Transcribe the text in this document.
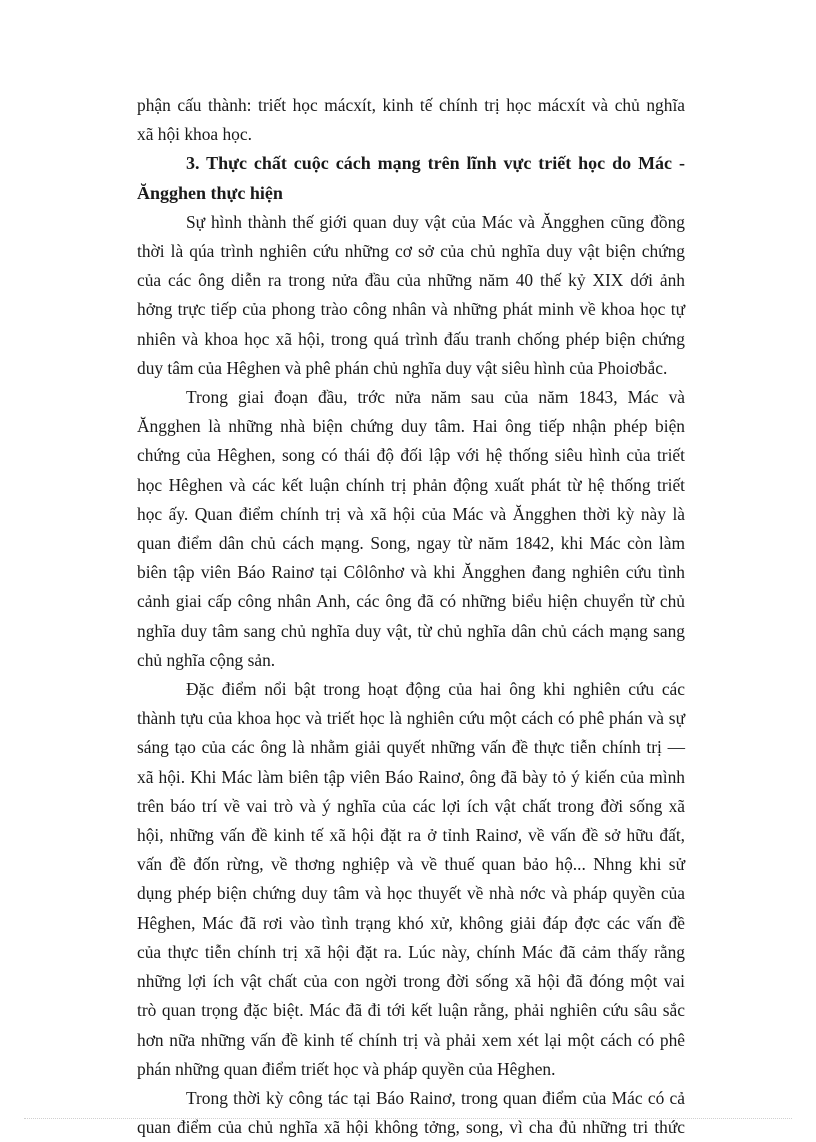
phận cấu thành: triết học mácxít, kinh tế chính trị học mácxít và chủ nghĩa

xã hội khoa học.

3. Thực chất cuộc cách mạng trên lĩnh vực triết học do Mác -

Ăngghen thực hiện

Sự hình thành thế giới quan duy vật của Mác và Ăngghen cũng đồng

thời là qúa trình nghiên cứu những cơ sở của chủ nghĩa duy vật biện chứng

của các ông diễn ra trong nửa đầu của những năm 40 thế kỷ XIX dới ảnh

hởng trực tiếp của phong trào công nhân và những phát minh về khoa học tự

nhiên và khoa học xã hội, trong quá trình đấu tranh chống phép biện chứng

duy tâm của Hêghen và phê phán chủ nghĩa duy vật siêu hình của Phoiơbắc.

Trong giai đoạn đầu, trớc nửa năm sau của năm 1843, Mác và

Ăngghen là những nhà biện chứng duy tâm. Hai ông tiếp nhận phép biện

chứng của Hêghen, song có thái độ đối lập với hệ thống siêu hình của triết

học Hêghen và các kết luận chính trị phản động xuất phát từ hệ thống triết

học ấy. Quan điểm chính trị và xã hội của Mác và Ăngghen thời kỳ này là

quan điểm dân chủ cách mạng. Song, ngay từ năm 1842, khi Mác còn làm

biên tập viên Báo Rainơ tại Côlônhơ và khi Ăngghen đang nghiên cứu tình

cảnh giai cấp công nhân Anh, các ông đã có những biểu hiện chuyển từ chủ

nghĩa duy tâm sang chủ nghĩa duy vật, từ chủ nghĩa dân chủ cách mạng sang

chủ nghĩa cộng sản.

Đặc điểm nổi bật trong hoạt động của hai ông khi nghiên cứu các

thành tựu của khoa học và triết học là nghiên cứu một cách có phê phán và sự

sáng tạo của các ông là nhằm giải quyết những vấn đề thực tiễn chính trị —

xã hội. Khi Mác làm biên tập viên Báo Rainơ, ông đã bày tỏ ý kiến của mình

trên báo trí về vai trò và ý nghĩa của các lợi ích vật chất trong đời sống xã

hội, những vấn đề kinh tế xã hội đặt ra ở tỉnh Rainơ, về vấn đề sở hữu đất,

vấn đề đốn rừng, về thơng nghiệp và về thuế quan bảo hộ... Nhng khi sử

dụng phép biện chứng duy tâm và học thuyết về nhà nớc và pháp quyền của

Hêghen, Mác đã rơi vào tình trạng khó xử, không giải đáp đợc các vấn đề

của thực tiễn chính trị xã hội đặt ra. Lúc này, chính Mác đã cảm thấy rằng

những lợi ích vật chất của con ngời trong đời sống xã hội đã đóng một vai

trò quan trọng đặc biệt. Mác đã đi tới kết luận rằng, phải nghiên cứu sâu sắc

hơn nữa những vấn đề kinh tế chính trị và phải xem xét lại một cách có phê

phán những quan điểm triết học và pháp quyền của Hêghen.

Trong thời kỳ công tác tại Báo Rainơ, trong quan điểm của Mác có cả

quan điểm của chủ nghĩa xã hội không tởng, song, vì cha đủ những tri thức
